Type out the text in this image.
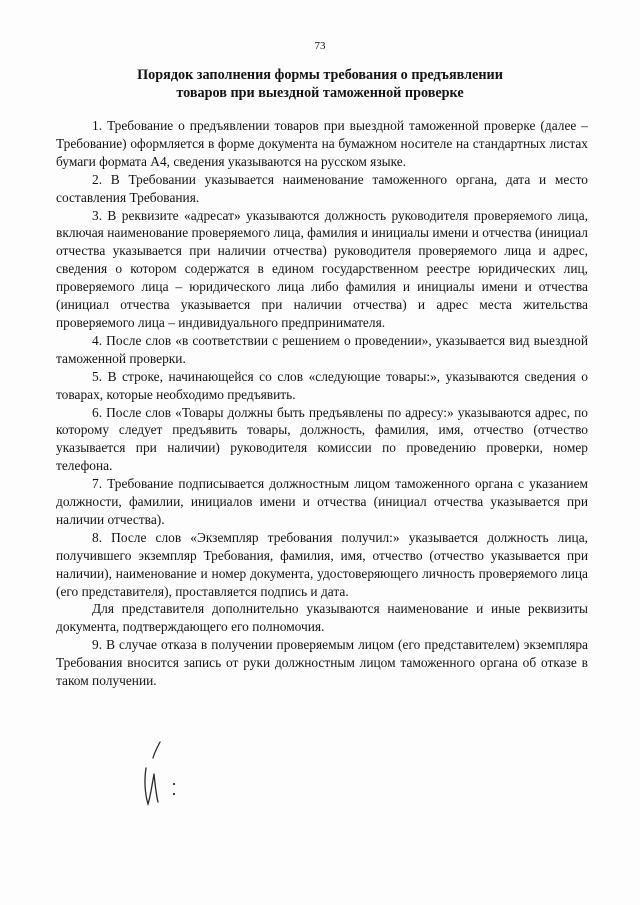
73
Порядок заполнения формы требования о предъявлении
товаров при выездной таможенной проверке

1. Требование о предъявлении товаров при выездной таможенной проверке (далее – Требование) оформляется в форме документа на бумажном носителе на стандартных листах бумаги формата А4, сведения указываются на русском языке.

2. В Требовании указывается наименование таможенного органа, дата и место составления Требования.

3. В реквизите «адресат» указываются должность руководителя проверяемого лица, включая наименование проверяемого лица, фамилия и инициалы имени и отчества (инициал отчества указывается при наличии отчества) руководителя проверяемого лица и адрес, сведения о котором содержатся в едином государственном реестре юридических лиц, проверяемого лица – юридического лица либо фамилия и инициалы имени и отчества (инициал отчества указывается при наличии отчества) и адрес места жительства проверяемого лица – индивидуального предпринимателя.

4. После слов «в соответствии с решением о проведении», указывается вид выездной таможенной проверки.

5. В строке, начинающейся со слов «следующие товары:», указываются сведения о товарах, которые необходимо предъявить.

6. После слов «Товары должны быть предъявлены по адресу:» указываются адрес, по которому следует предъявить товары, должность, фамилия, имя, отчество (отчество указывается при наличии) руководителя комиссии по проведению проверки, номер телефона.

7. Требование подписывается должностным лицом таможенного органа с указанием должности, фамилии, инициалов имени и отчества (инициал отчества указывается при наличии отчества).

8. После слов «Экземпляр требования получил:» указывается должность лица, получившего экземпляр Требования, фамилия, имя, отчество (отчество указывается при наличии), наименование и номер документа, удостоверяющего личность проверяемого лица (его представителя), проставляется подпись и дата.

Для представителя дополнительно указываются наименование и иные реквизиты документа, подтверждающего его полномочия.

9. В случае отказа в получении проверяемым лицом (его представителем) экземпляра Требования вносится запись от руки должностным лицом таможенного органа об отказе в таком получении.
